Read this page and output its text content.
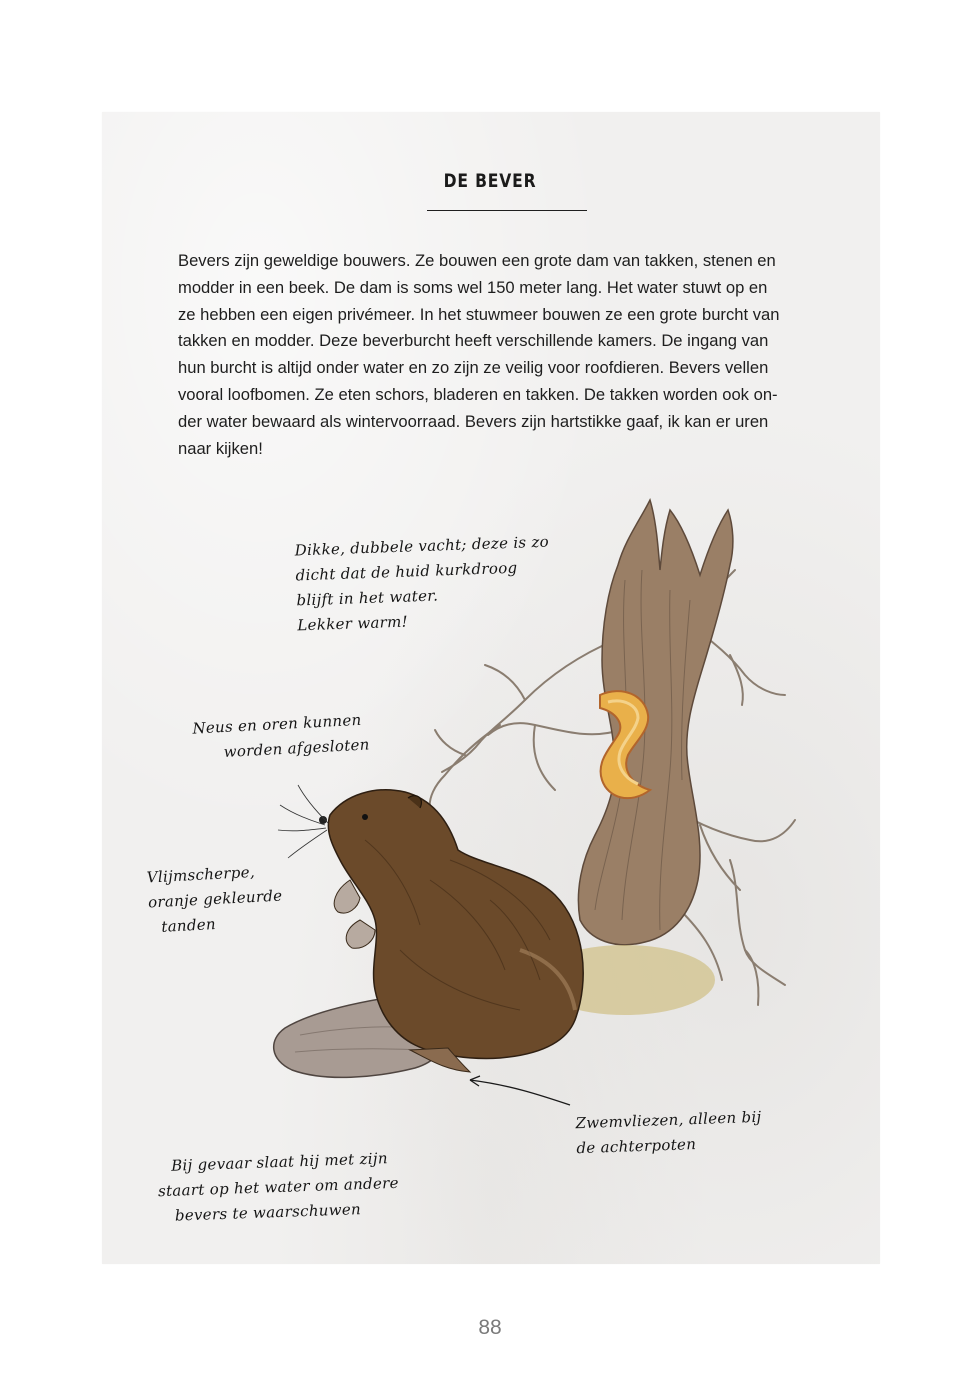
DE BEVER

Bevers zijn geweldige bouwers. Ze bouwen een grote dam van takken, stenen en
modder in een beek. De dam is soms wel 150 meter lang. Het water stuwt op en
ze hebben een eigen privémeer. In het stuwmeer bouwen ze een grote burcht van
takken en modder. Deze beverburcht heeft verschillende kamers. De ingang van
hun burcht is altijd onder water en zo zijn ze veilig voor roofdieren. Bevers vellen
vooral loofbomen. Ze eten schors, bladeren en takken. De takken worden ook on-
der water bewaard als wintervoorraad. Bevers zijn hartstikke gaaf, ik kan er uren
naar kijken!

Dikke, dubbele vacht; deze is zo
dicht dat de huid kurkdroog
blijft in het water.
Lekker warm!
Neus en oren kunnen
worden afgesloten
Vlijmscherpe,
oranje gekleurde
tanden
Zwemvliezen, alleen bij
de achterpoten
Bij gevaar slaat hij met zijn
staart op het water om andere
bevers te waarschuwen
88
